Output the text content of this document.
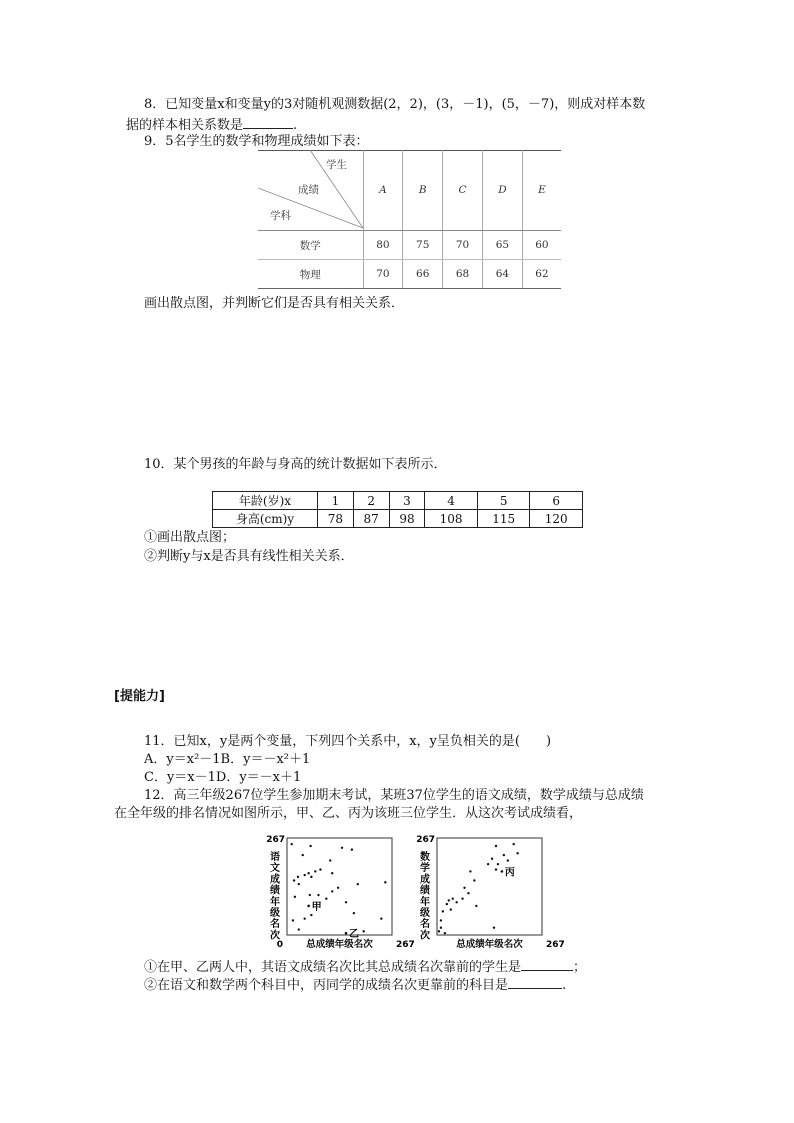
8．已知变量x和变量y的3对随机观测数据(2，2)，(3，－1)，(5，－7)，则成对样本数
据的样本相关系数是	.
9．5名学生的数学和物理成绩如下表：
学生
成绩
学科	A	B	C	D	E
数学	80	75	70	65	60
物理	70	66	68	64	62
画出散点图，并判断它们是否具有相关关系．
10．某个男孩的年龄与身高的统计数据如下表所示．
年龄(岁)x	1	2	3	4	5	6
身高(cm)y	78	87	98	108	115	120
①画出散点图；
②判断y与x是否具有线性相关关系．
[提能力]
11．已知x，y是两个变量，下列四个关系中，x，y呈负相关的是(　　)
A．y＝x²－1B．y＝－x²＋1
C．y＝x－1D．y＝－x＋1
12．高三年级267位学生参加期末考试，某班37位学生的语文成绩，数学成绩与总成绩
在全年级的排名情况如图所示，甲、乙、丙为该班三位学生．从这次考试成绩看，
267
0	267
语
文
成
绩
年
级
名
次
总成绩年级名次
甲
乙
267
267
数
学
成
绩
年
级
名
次
总成绩年级名次
丙
①在甲、乙两人中，其语文成绩名次比其总成绩名次靠前的学生是	；
②在语文和数学两个科目中，丙同学的成绩名次更靠前的科目是	.
